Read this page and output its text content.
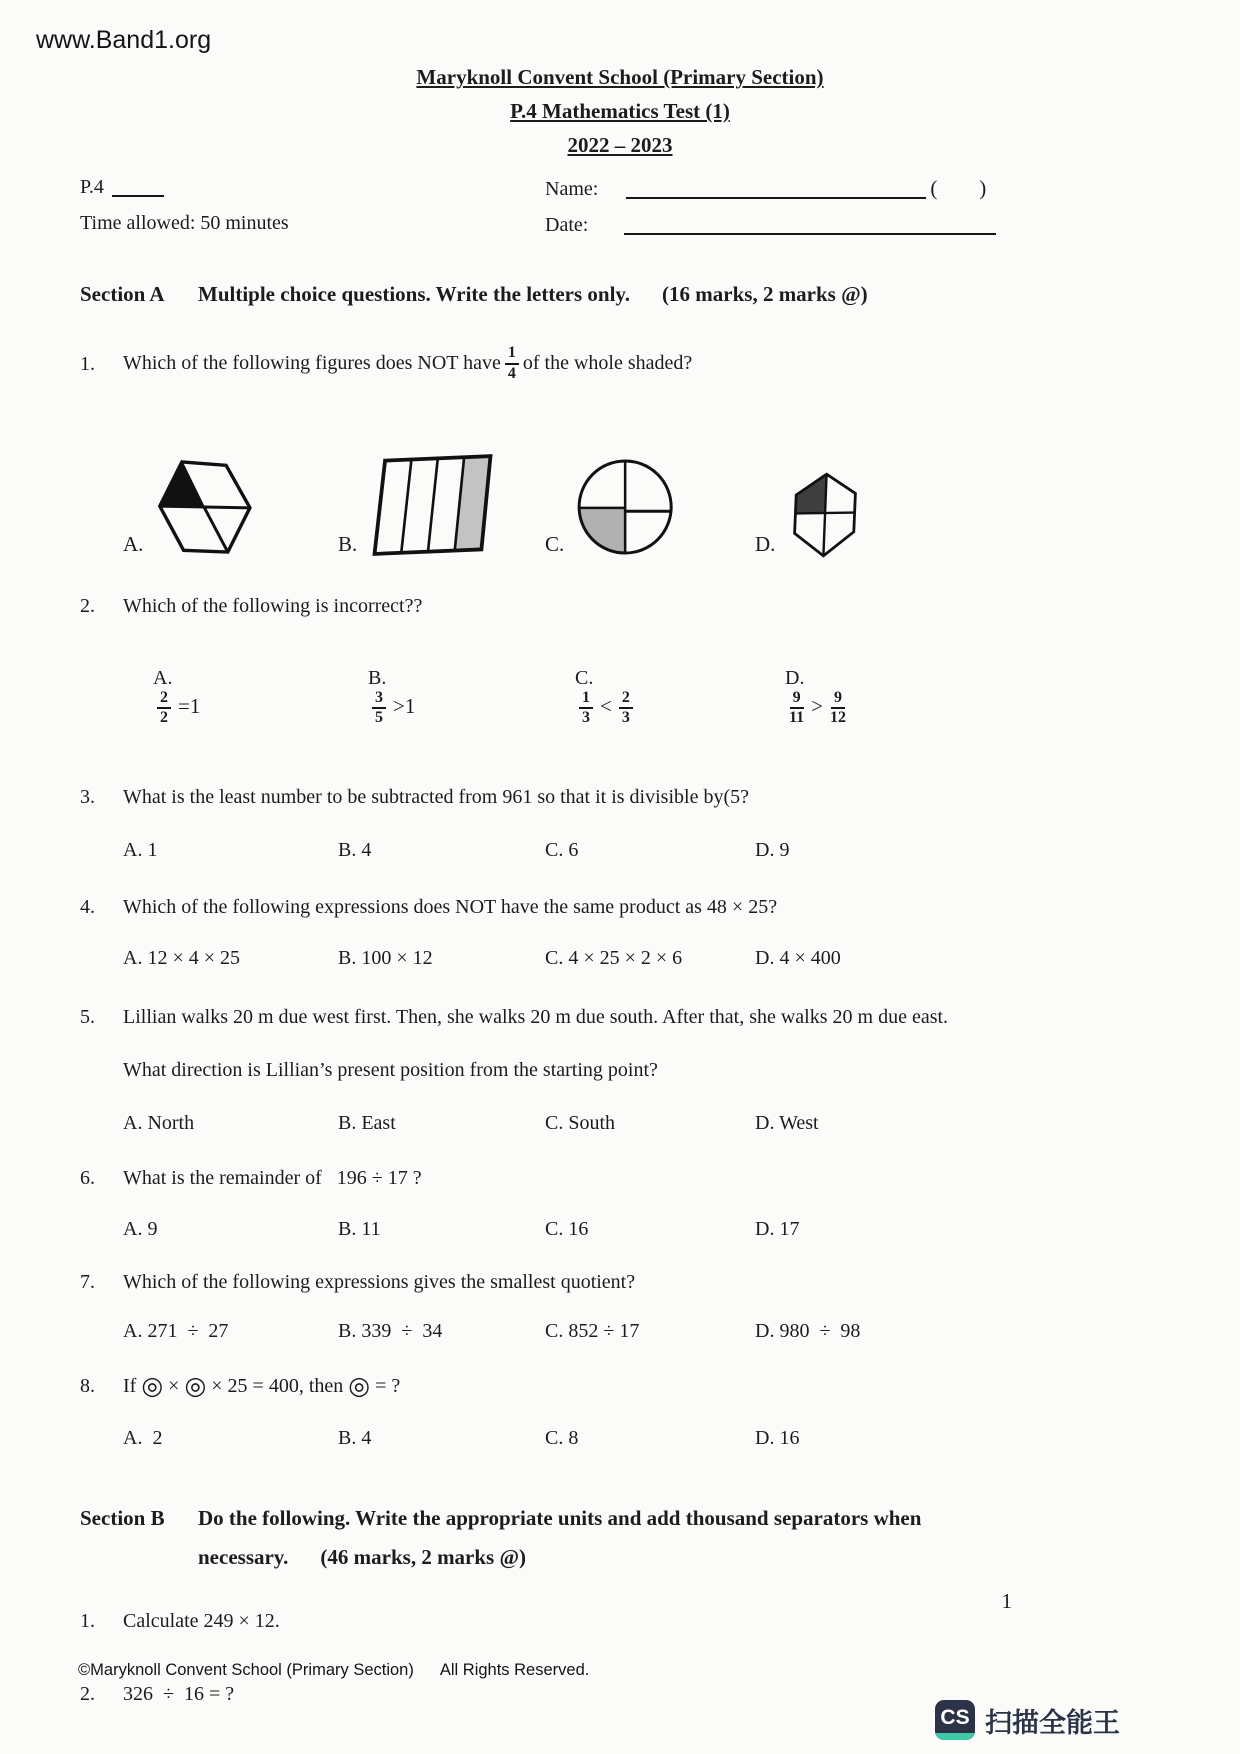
www.Band1.org
Maryknoll Convent School (Primary Section)
P.4 Mathematics Test (1)
2022 – 2023
P.4
Time allowed: 50 minutes
Name:	(        )
Date:
Section A	Multiple choice questions. Write the letters only. (16 marks, 2 marks @)
1.	Which of the following figures does NOT have $\frac{1}{4}$ of the whole shaded?
A.	B.	C.	D.
2.	Which of the following is incorrect??

A.

$\frac{2}{2} =1$

B.

$\frac{3}{5} >1$

C.

$\frac{1}{3} < \frac{2}{3}$

D.

$\frac{9}{11} > \frac{9}{12}$

3.	What is the least number to be subtracted from 961 so that it is divisible by(5?
A. 1	B. 4	C. 6	D. 9
4.	Which of the following expressions does NOT have the same product as 48 × 25?
A. 12 × 4 × 25	B. 100 × 12	C. 4 × 25 × 2 × 6	D. 4 × 400
5.	Lillian walks 20 m due west first. Then, she walks 20 m due south. After that, she walks 20 m due east.
What direction is Lillian’s present position from the starting point?
A. North	B. East	C. South	D. West
6.	What is the remainder of   196 ÷ 17 ?
A. 9	B. 11	C. 16	D. 17
7.	Which of the following expressions gives the smallest quotient?
A. 271  ÷  27	B. 339  ÷  34	C. 852 ÷ 17	D. 980  ÷  98
8.	If ◎ × ◎ × 25 = 400, then ◎ = ?
A.  2	B. 4	C. 8	D. 16
Section B	Do the following. Write the appropriate units and add thousand separators when
necessary. (46 marks, 2 marks @)
1.	Calculate 249 × 12.
2.	326  ÷  16 = ?
1
©Maryknoll Convent School (Primary Section) All Rights Reserved.
CS 扫描全能王
